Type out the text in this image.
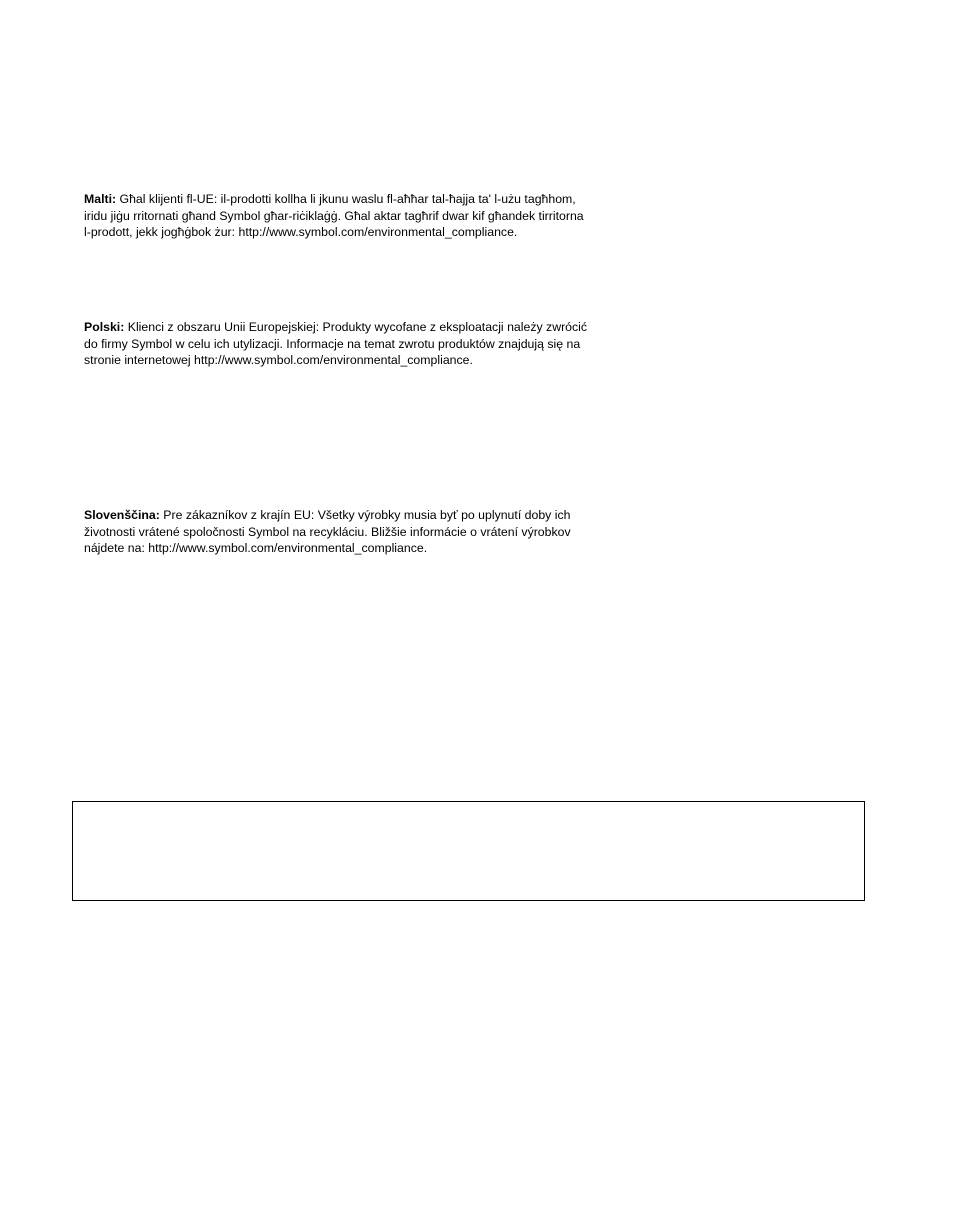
Malti: Għal klijenti fl-UE: il-prodotti kollha li jkunu waslu fl-aħħar tal-ħajja ta' l-użu tagħhom,
iridu jiġu rritornati għand Symbol għar-riċiklaġġ. Għal aktar tagħrif dwar kif għandek tirritorna
l-prodott, jekk jogħġbok żur: http://www.symbol.com/environmental_compliance.

Polski: Klienci z obszaru Unii Europejskiej: Produkty wycofane z eksploatacji należy zwrócić
do firmy Symbol w celu ich utylizacji. Informacje na temat zwrotu produktów znajdują się na
stronie internetowej http://www.symbol.com/environmental_compliance.

Slovenščina: Pre zákazníkov z krajín EU: Všetky výrobky musia byť po uplynutí doby ich
životnosti vrátené spoločnosti Symbol na recykláciu. Bližšie informácie o vrátení výrobkov
nájdete na: http://www.symbol.com/environmental_compliance.
